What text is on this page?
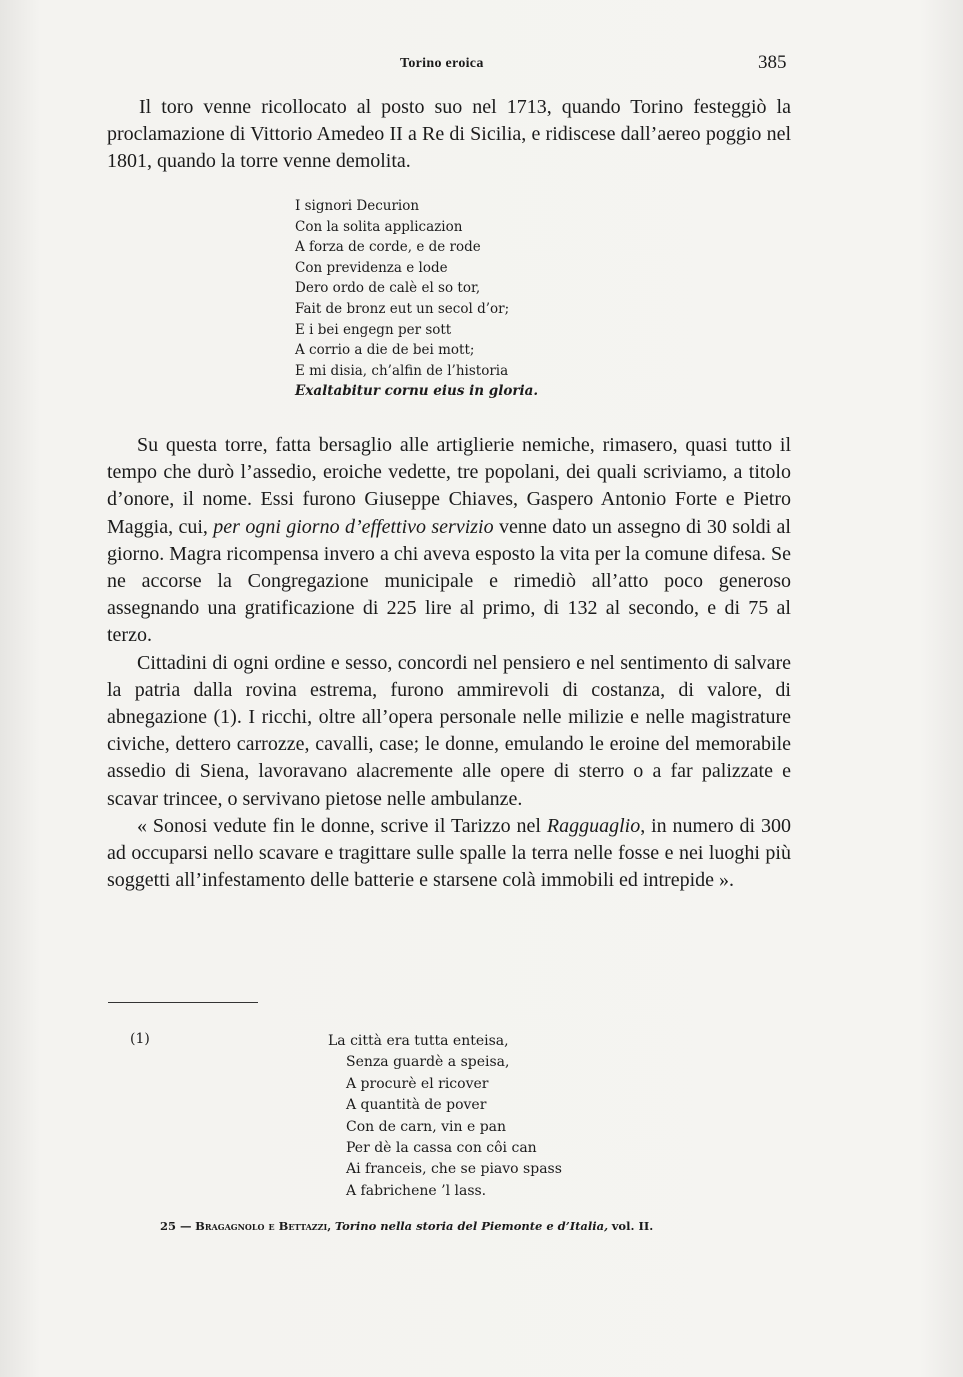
Torino eroica	385

Il toro venne ricollocato al posto suo nel 1713, quando Torino festeggiò la proclamazione di Vittorio Amedeo II a Re di Sicilia, e ridiscese dall’aereo poggio nel 1801, quando la torre venne demolita.

I signori Decurion
Con la solita applicazion
A forza de corde, e de rode
Con previdenza e lode
Dero ordo de calè el so tor,
Fait de bronz eut un secol d’or;
E i bei engegn per sott
A corrio a die de bei mott;
E mi disia, ch’alfin de l’historia
Exaltabitur cornu eius in gloria.

Su questa torre, fatta bersaglio alle artiglierie nemiche, rimasero, quasi tutto il tempo che durò l’assedio, eroiche vedette, tre popolani, dei quali scriviamo, a titolo d’onore, il nome. Essi furono Giuseppe Chiaves, Gaspero Antonio Forte e Pietro Maggia, cui, per ogni giorno d’effettivo servizio venne dato un assegno di 30 soldi al giorno. Magra ricompensa invero a chi aveva esposto la vita per la comune difesa. Se ne accorse la Congregazione municipale e rimediò all’atto poco generoso assegnando una gratificazione di 225 lire al primo, di 132 al secondo, e di 75 al terzo.

Cittadini di ogni ordine e sesso, concordi nel pensiero e nel sentimento di salvare la patria dalla rovina estrema, furono ammirevoli di costanza, di valore, di abnegazione (1). I ricchi, oltre all’opera personale nelle milizie e nelle magistrature civiche, dettero carrozze, cavalli, case; le donne, emulando le eroine del memorabile assedio di Siena, lavoravano alacremente alle opere di sterro o a far palizzate e scavar trincee, o servivano pietose nelle ambulanze.

« Sonosi vedute fin le donne, scrive il Tarizzo nel Ragguaglio, in numero di 300 ad occuparsi nello scavare e tragittare sulle spalle la terra nelle fosse e nei luoghi più soggetti all’infestamento delle batterie e starsene colà immobili ed intrepide ».

(1)	La città era tutta enteisa,
Senza guardè a speisa,
A procurè el ricover
A quantità de pover
Con de carn, vin e pan
Per dè la cassa con côi can
Ai franceis, che se piavo spass
A fabrichene ’l lass.
25 — Bragagnolo e Bettazzi, Torino nella storia del Piemonte e d’Italia, vol. II.
